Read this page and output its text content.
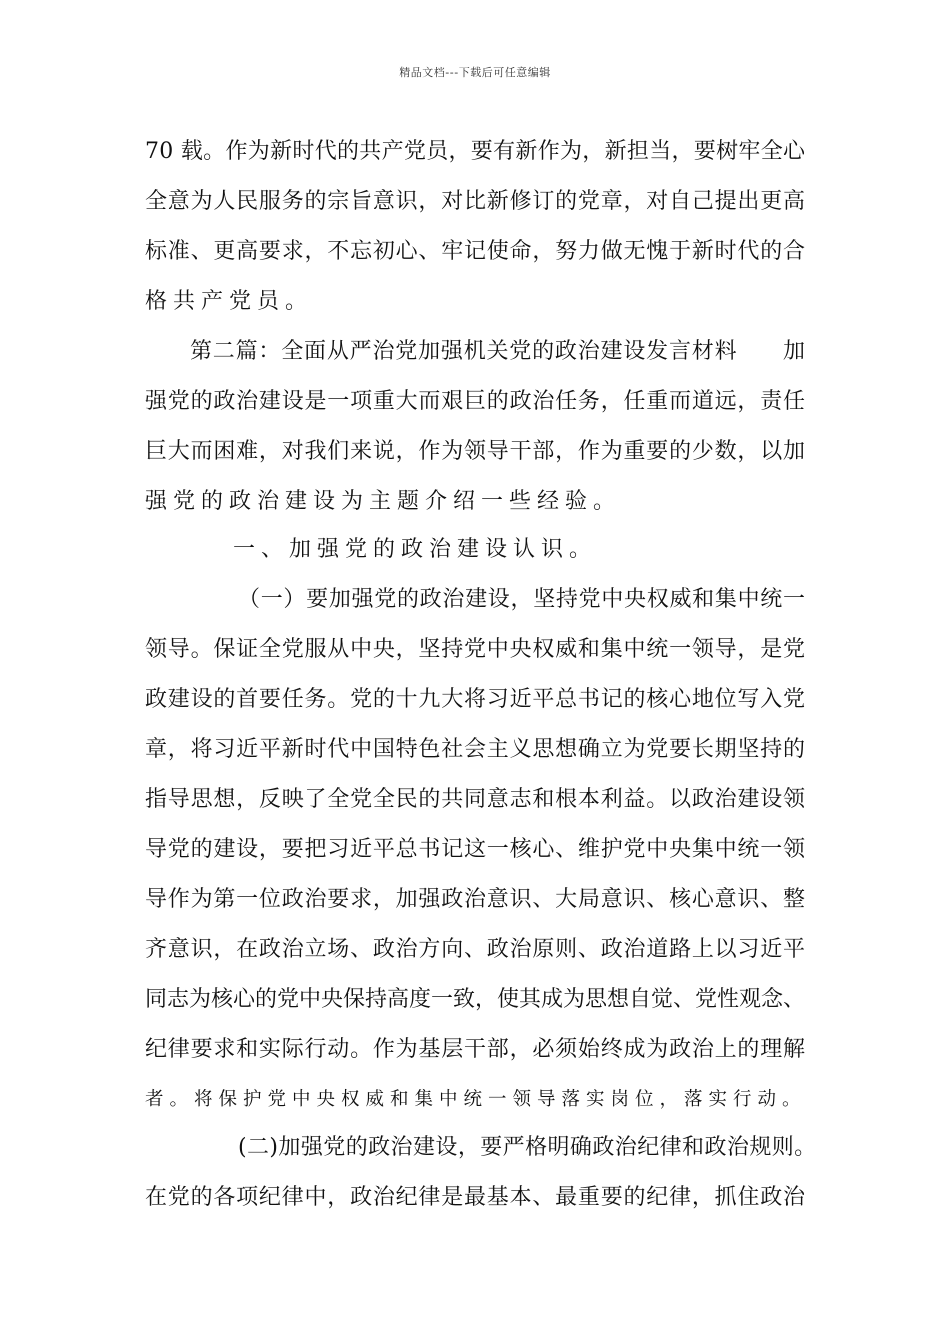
精品文档---下载后可任意编辑
70 载。作为新时代的共产党员，要有新作为，新担当，要树牢全心
全意为人民服务的宗旨意识，对比新修订的党章，对自己提出更高
标准、更高要求，不忘初心、牢记使命，努力做无愧于新时代的合
格共产党员。
第二篇：全面从严治党加强机关党的政治建设发言材料　　加
强党的政治建设是一项重大而艰巨的政治任务，任重而道远，责任
巨大而困难，对我们来说，作为领导干部，作为重要的少数，以加
强党的政治建设为主题介绍一些经验。
一、加强党的政治建设认识。
（一）要加强党的政治建设，坚持党中央权威和集中统一
领导。保证全党服从中央，坚持党中央权威和集中统一领导，是党
政建设的首要任务。党的十九大将习近平总书记的核心地位写入党
章，将习近平新时代中国特色社会主义思想确立为党要长期坚持的
指导思想，反映了全党全民的共同意志和根本利益。以政治建设领
导党的建设，要把习近平总书记这一核心、维护党中央集中统一领
导作为第一位政治要求，加强政治意识、大局意识、核心意识、整
齐意识，在政治立场、政治方向、政治原则、政治道路上以习近平
同志为核心的党中央保持高度一致，使其成为思想自觉、党性观念、
纪律要求和实际行动。作为基层干部，必须始终成为政治上的理解
者。将保护党中央权威和集中统一领导落实岗位，落实行动。
(二)加强党的政治建设，要严格明确政治纪律和政治规则。
在党的各项纪律中，政治纪律是最基本、最重要的纪律，抓住政治
